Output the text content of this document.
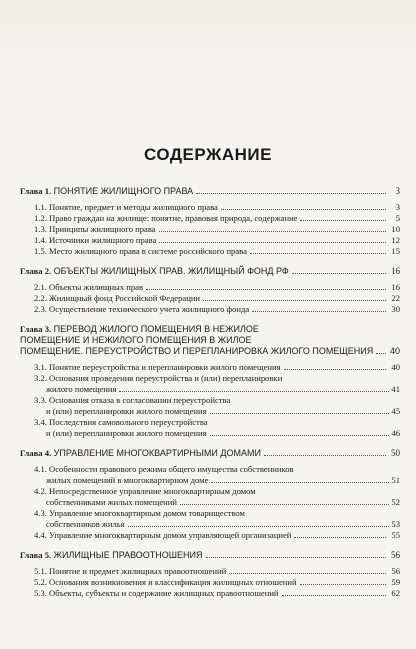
СОДЕРЖАНИЕ
Глава 1. ПОНЯТИЕ ЖИЛИЩНОГО ПРАВА	3
1.1. Понятие, предмет и методы жилищного права	3
1.2. Право граждан на жилище: понятие, правовая природа, содержание	5
1.3. Принципы жилищного права	10
1.4. Источники жилищного права	12
1.5. Место жилищного права в системе российского права	15
Глава 2. ОБЪЕКТЫ ЖИЛИЩНЫХ ПРАВ. ЖИЛИЩНЫЙ ФОНД РФ	16
2.1. Объекты жилищных прав	16
2.2. Жилищный фонд Российской Федерации	22
2.3. Осуществление технического учета жилищного фонда	30
Глава 3. ПЕРЕВОД ЖИЛОГО ПОМЕЩЕНИЯ В НЕЖИЛОЕ
ПОМЕЩЕНИЕ И НЕЖИЛОГО ПОМЕЩЕНИЯ В ЖИЛОЕ
ПОМЕЩЕНИЕ. ПЕРЕУСТРОЙСТВО И ПЕРЕПЛАНИРОВКА ЖИЛОГО ПОМЕЩЕНИЯ 40
3.1. Понятие переустройства и перепланировки жилого помещения	40
3.2. Основания проведения переустройства и (или) перепланировки
жилого помещения	41
3.3. Основания отказа в согласовании переустройства
и (или) перепланировки жилого помещения	45
3.4. Последствия самовольного переустройства
и (или) перепланировки жилого помещения	46
Глава 4. УПРАВЛЕНИЕ МНОГОКВАРТИРНЫМИ ДОМАМИ	50
4.1. Особенности правового режима общего имущества собственников
жилых помещений в многоквартирном доме	51
4.2. Непосредственное управление многоквартирным домом
собственниками жилых помещений	52
4.3. Управление многоквартирным домом товариществом
собственников жилья	53
4.4. Управление многоквартирным домом управляющей организацией	55
Глава 5. ЖИЛИЩНЫЕ ПРАВООТНОШЕНИЯ	56
5.1. Понятие и предмет жилищных правоотношений	56
5.2. Основания возникновения и классификация жилищных отношений	59
5.3. Объекты, субъекты и содержание жилищных правоотношений	62
